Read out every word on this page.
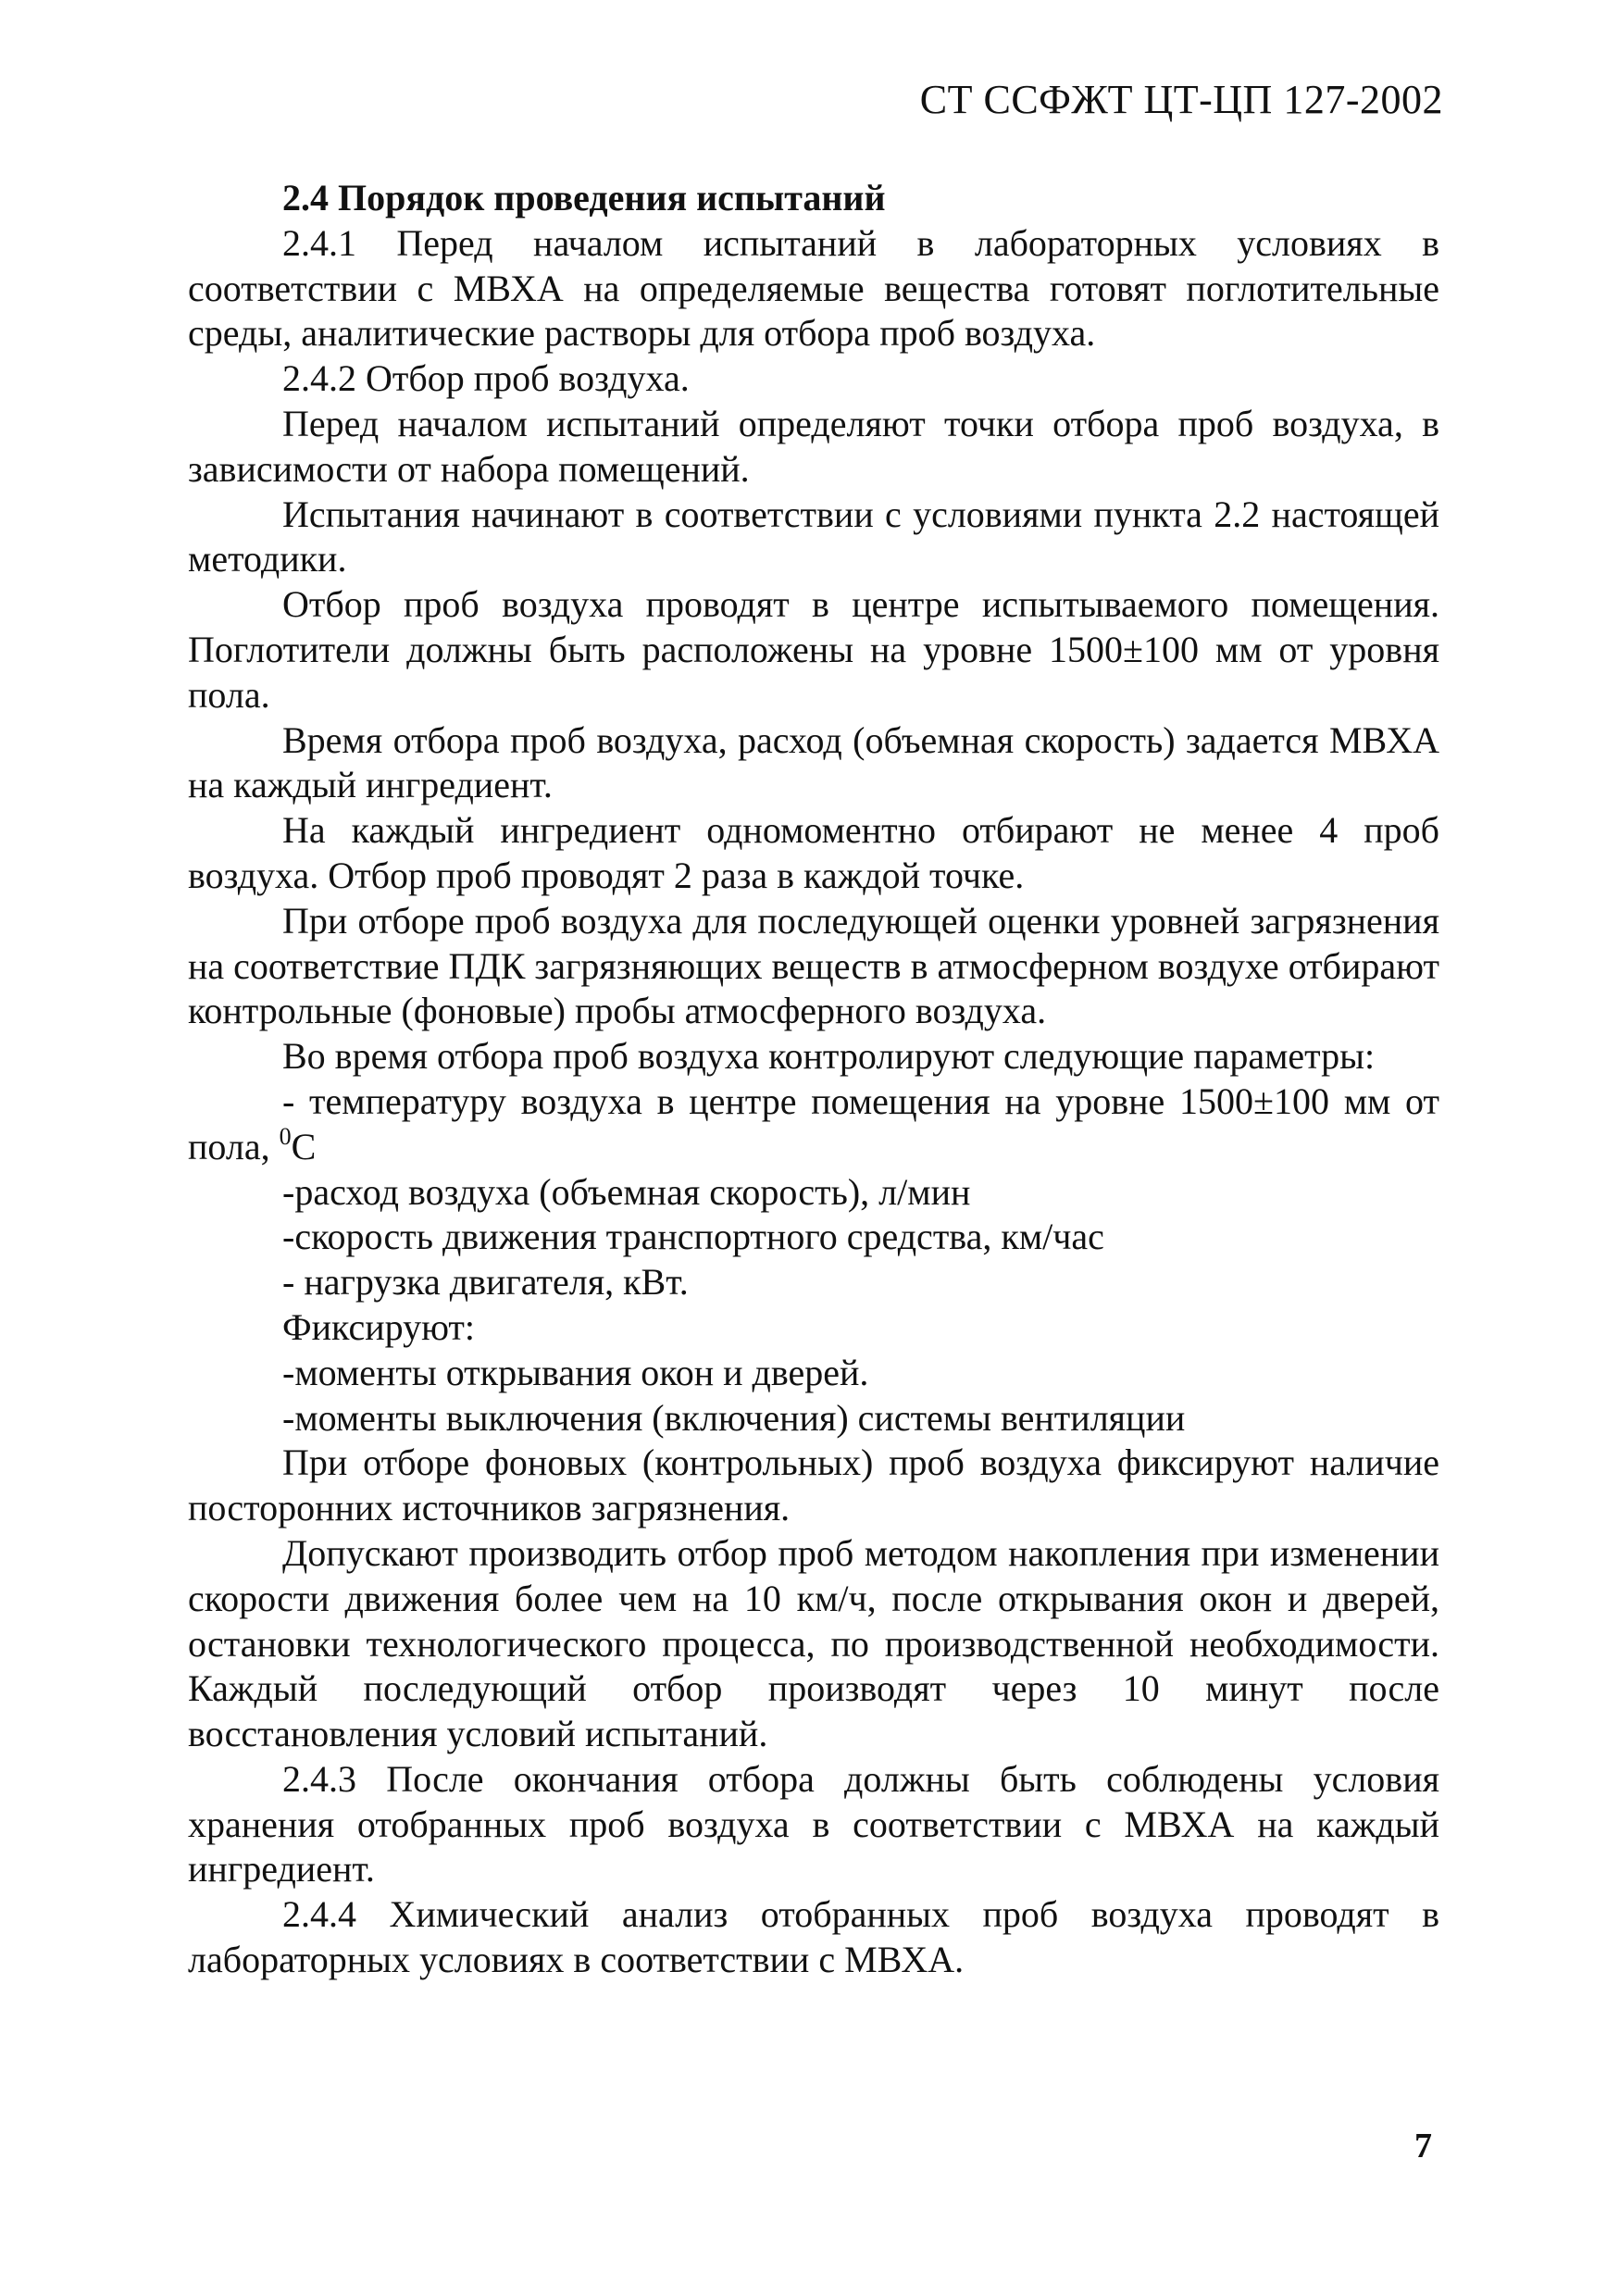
СТ ССФЖТ ЦТ-ЦП 127-2002

2.4 Порядок проведения испытаний

2.4.1 Перед началом испытаний в лабораторных условиях в соответствии с МВХА на определяемые вещества готовят поглотительные среды, аналитические растворы для отбора проб воздуха.

2.4.2 Отбор проб воздуха.

Перед началом испытаний определяют точки отбора проб воздуха, в зависимости от набора помещений.

Испытания начинают в соответствии с условиями пункта 2.2 настоящей методики.

Отбор проб воздуха проводят в центре испытываемого помещения. Поглотители должны быть расположены на уровне 1500±100 мм от уровня пола.

Время отбора проб воздуха, расход (объемная скорость) задается МВХА на каждый ингредиент.

На каждый ингредиент одномоментно отбирают не менее 4 проб воздуха. Отбор проб проводят 2 раза в каждой точке.

При отборе проб воздуха для последующей оценки уровней загрязнения на соответствие ПДК загрязняющих веществ в атмосферном воздухе отбирают контрольные (фоновые) пробы атмосферного воздуха.

Во время отбора проб воздуха контролируют следующие параметры:

- температуру воздуха в центре помещения на уровне 1500±100 мм от пола, $^0$С

-расход воздуха (объемная скорость), л/мин

-скорость движения транспортного средства, км/час

- нагрузка двигателя, кВт.

Фиксируют:

-моменты открывания окон и дверей.

-моменты выключения (включения) системы вентиляции

При отборе фоновых (контрольных) проб воздуха фиксируют наличие посторонних источников загрязнения.

Допускают производить отбор проб методом накопления при изменении скорости движения более чем на 10 км/ч, после открывания окон и дверей, остановки технологического процесса, по производственной необходимости. Каждый последующий отбор производят через 10 минут после восстановления условий испытаний.

2.4.3 После окончания отбора должны быть соблюдены условия хранения отобранных проб воздуха в соответствии с МВХА на каждый ингредиент.

2.4.4 Химический анализ отобранных проб воздуха проводят в лабораторных условиях в соответствии с МВХА.

7
